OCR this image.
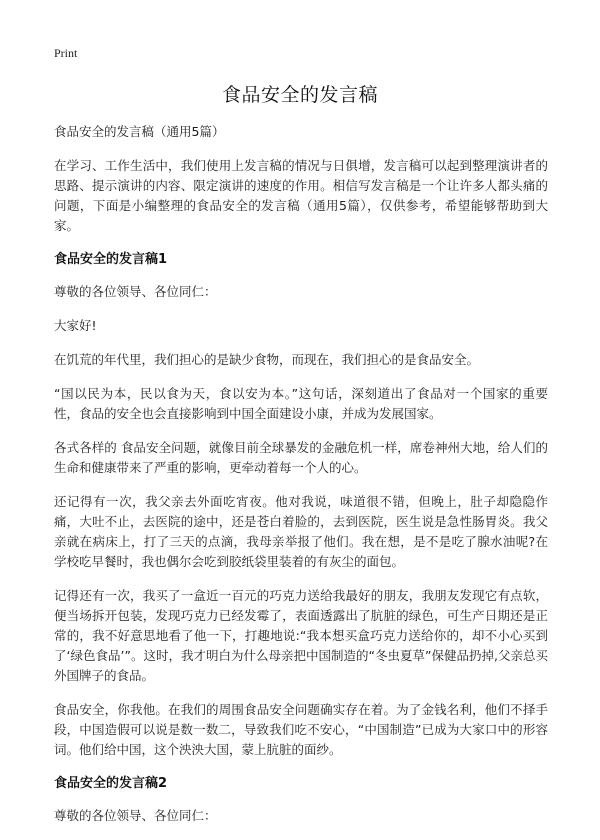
Print
食品安全的发言稿

食品安全的发言稿（通用5篇）

在学习、工作生活中，我们使用上发言稿的情况与日俱增，发言稿可以起到整理演讲者的思路、提示演讲的内容、限定演讲的速度的作用。相信写发言稿是一个让许多人都头痛的问题，下面是小编整理的食品安全的发言稿（通用5篇），仅供参考，希望能够帮助到大家。

食品安全的发言稿1

尊敬的各位领导、各位同仁：

大家好!

在饥荒的年代里，我们担心的是缺少食物，而现在，我们担心的是食品安全。

“国以民为本，民以食为天，食以安为本。”这句话，深刻道出了食品对一个国家的重要性，食品的安全也会直接影响到中国全面建设小康，并成为发展国家。

各式各样的 食品安全问题，就像目前全球暴发的金融危机一样，席卷神州大地，给人们的生命和健康带来了严重的影响，更牵动着每一个人的心。

还记得有一次，我父亲去外面吃宵夜。他对我说，味道很不错，但晚上，肚子却隐隐作痛，大吐不止，去医院的途中，还是苍白着脸的，去到医院，医生说是急性肠胃炎。我父亲就在病床上，打了三天的点滴，我母亲举报了他们。我在想，是不是吃了腺水油呢?在学校吃早餐时，我也偶尔会吃到胶纸袋里装着的有灰尘的面包。

记得还有一次，我买了一盒近一百元的巧克力送给我最好的朋友，我朋友发现它有点软，便当场拆开包装，发现巧克力已经发霉了，表面透露出了肮脏的绿色，可生产日期还是正常的，我不好意思地看了他一下，打趣地说:“我本想买盒巧克力送给你的，却不小心买到了‘绿色食品’”。这时，我才明白为什么母亲把中国制造的“冬虫夏草”保健品扔掉,父亲总买外国牌子的食品。

食品安全，你我他。在我们的周围食品安全问题确实存在着。为了金钱名利，他们不择手段，中国造假可以说是数一数二，导致我们吃不安心，“中国制造”已成为大家口中的形容词。他们给中国，这个泱泱大国，蒙上肮脏的面纱。

食品安全的发言稿2

尊敬的各位领导、各位同仁：
